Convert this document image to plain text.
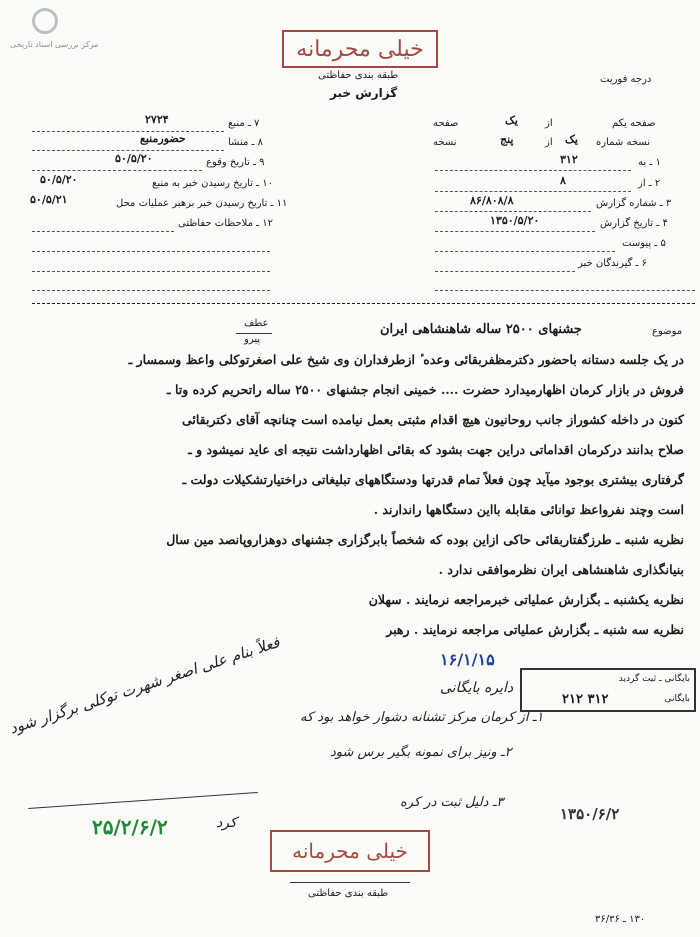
مرکز بررسی اسناد تاریخی	خیلی محرمانه
طبقه بندی حفاظتی
گزارش خبر
درجه فوریت
صفحه یکم
از
یک
صفحه
نسخه شماره
یک
از
پنج
نسخه
۱ ـ به
۳۱۲
۲ ـ از
۸
۳ ـ شماره گزارش
۸۶/۸۰۸/۸
۴ ـ تاریخ گزارش
۱۳۵۰/۵/۲۰
۵ ـ پیوست
۶ ـ گیرندگان خبر
۷ ـ منبع
۲۷۲۴
۸ ـ منشا
حضورمنبع
۹ ـ تاریخ وقوع
۵۰/۵/۲۰
۱۰ ـ تاریخ رسیدن خبر به منبع
۵۰/۵/۲۰
۱۱ ـ تاریخ رسیدن خبر برهبر عملیات محل
۵۰/۵/۲۱
۱۲ ـ ملاحظات حفاظتی
عطف
پیرو
موضوع
جشنهای ۲۵۰۰ ساله شاهنشاهی ایران
در یک جلسه دستانه باحضور دکترمظفربقائی وعده ٔ ازطرفداران وی شیخ علی اصغرتوکلی واعظ وسمسار ـ
فروش در بازار کرمان اظهارمیدارد حضرت .... خمینی انجام جشنهای ۲۵۰۰ ساله راتحریم کرده وتا ـ
کنون در داخله کشوراز جانب روحانیون هیچ اقدام مثبتی بعمل نیامده است چنانچه آقای دکتربقائی
صلاح بدانند درکرمان اقداماتی دراین جهت بشود که بقائی اظهارداشت نتیجه ای عاید نمیشود و ـ
گرفتاری بیشتری بوجود میآید چون فعلاً تمام قدرتها ودستگاههای تبلیغاتی دراختیارتشکیلات دولت ـ
است وچند نفرواعظ توانائی مقابله بااین دستگاهها راندارند .
نظریه شنبه ـ طرزگفتاربقائی حاکی ازاین بوده که شخصاً بابرگزاری جشنهای دوهزاروپانصد مین سال
بنیانگذاری شاهنشاهی ایران نظرموافقی ندارد .
نظریه یکشنبه ـ بگزارش عملیاتی خبرمراجعه نرمایند . سهلان
نظریه سه شنبه ـ بگزارش عملیاتی مراجعه نرمایند . رهبر
فعلاً بنام علی اصغر شهرت توکلی برگزار شود
۲۵/۲/۶/۲	کرد
دایره بایگانی
۱۶/۱/۱۵
۱ـ از کرمان مرکز تشنانه دشوار خواهد بود که
۲ـ ونیز برای نمونه بگیر برس شود
۳ـ دلیل ثبت در کره
۱۳۵۰/۶/۲
بایگانی ـ ثبت گردید
بایگانی
۳۱۲ ۲۱۲
خیلی محرمانه
طبقه بندی حفاظتی
۱۳۰ ـ ۳۶/۳۶
